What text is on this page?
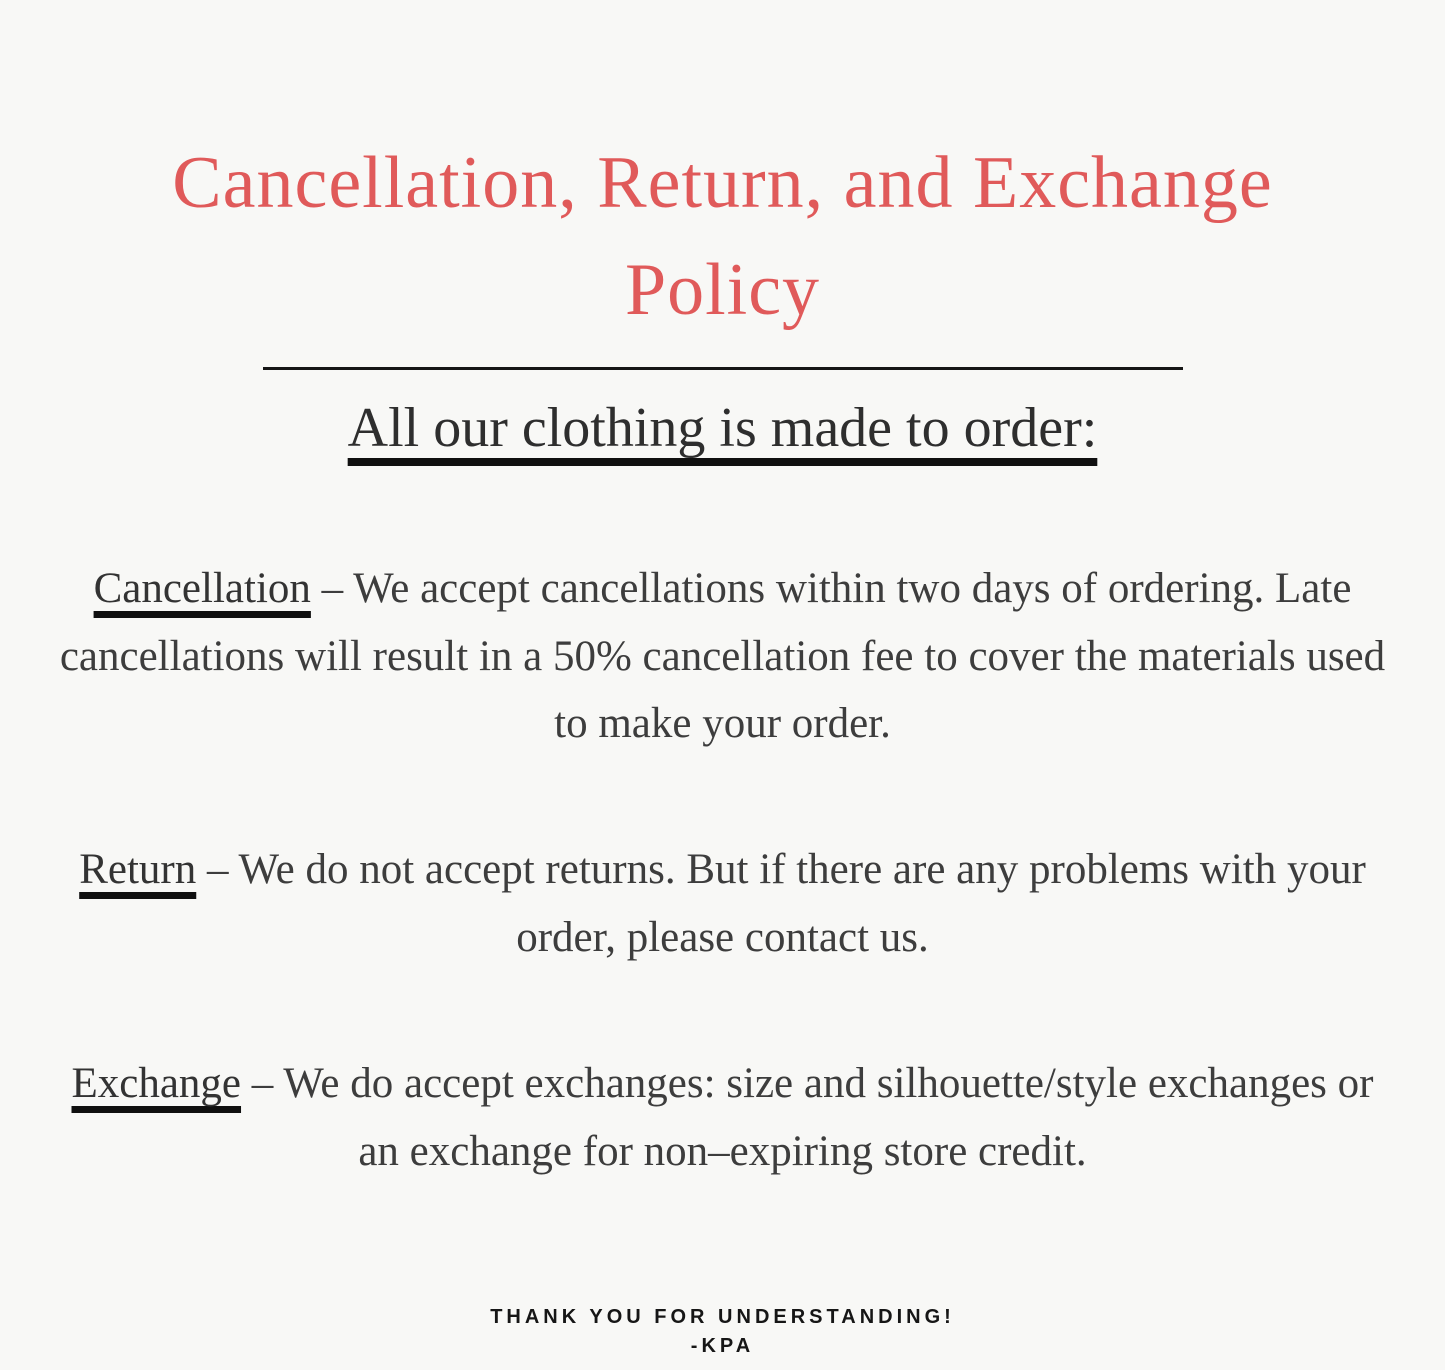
Cancellation, Return, and Exchange
Policy
All our clothing is made to order:

Cancellation – We accept cancellations within two days of ordering. Late cancellations will result in a 50% cancellation fee to cover the materials used to make your order.

Return – We do not accept returns. But if there are any problems with your order, please contact us.

Exchange – We do accept exchanges: size and silhouette/style exchanges or an exchange for non–expiring store credit.

THANK YOU FOR UNDERSTANDING!

-KPA
